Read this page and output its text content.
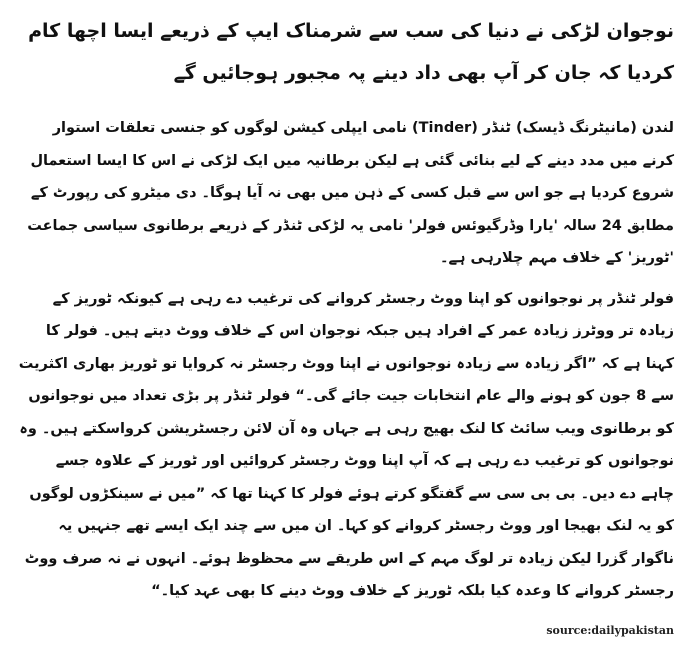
نوجوان لڑکی نے دنیا کی سب سے شرمناک ایپ کے ذریعے ایسا اچھا کام کردیا کہ جان کر آپ بھی داد دینے پہ مجبور ہوجائیں گے
لندن (مانیٹرنگ ڈیسک) ٹنڈر (Tinder) نامی ایپلی کیشن لوگوں کو جنسی تعلقات استوار کرنے میں مدد دینے کے لیے بنائی گئی ہے لیکن برطانیہ میں ایک لڑکی نے اس کا ایسا استعمال شروع کردیا ہے جو اس سے قبل کسی کے ذہن میں بھی نہ آیا ہوگا۔ دی میٹرو کی رپورٹ کے مطابق 24 سالہ 'یارا وڈرگیوئس فولر' نامی یہ لڑکی ٹنڈر کے ذریعے برطانوی سیاسی جماعت 'ٹوریز' کے خلاف مہم چلارہی ہے۔
فولر ٹنڈر پر نوجوانوں کو اپنا ووٹ رجسٹر کروانے کی ترغیب دے رہی ہے کیونکہ ٹوریز کے زیادہ تر ووٹرز زیادہ عمر کے افراد ہیں جبکہ نوجوان اس کے خلاف ووٹ دیتے ہیں۔ فولر کا کہنا ہے کہ ”اگر زیادہ سے زیادہ نوجوانوں نے اپنا ووٹ رجسٹر نہ کروایا تو ٹوریز بھاری اکثریت سے 8 جون کو ہونے والے عام انتخابات جیت جائے گی۔“ فولر ٹنڈر پر بڑی تعداد میں نوجوانوں کو برطانوی ویب سائٹ کا لنک بھیج رہی ہے جہاں وہ آن لائن رجسٹریشن کرواسکتے ہیں۔ وہ نوجوانوں کو ترغیب دے رہی ہے کہ آپ اپنا ووٹ رجسٹر کروائیں اور ٹوریز کے علاوہ جسے چاہے دے دیں۔ بی بی سی سے گفتگو کرتے ہوئے فولر کا کہنا تھا کہ ”میں نے سینکڑوں لوگوں کو یہ لنک بھیجا اور ووٹ رجسٹر کروانے کو کہا۔ ان میں سے چند ایک ایسے تھے جنہیں یہ ناگوار گزرا لیکن زیادہ تر لوگ مہم کے اس طریقے سے محظوظ ہوئے۔ انہوں نے نہ صرف ووٹ رجسٹر کروانے کا وعدہ کیا بلکہ ٹوریز کے خلاف ووٹ دینے کا بھی عہد کیا۔“
source:dailypakistan
